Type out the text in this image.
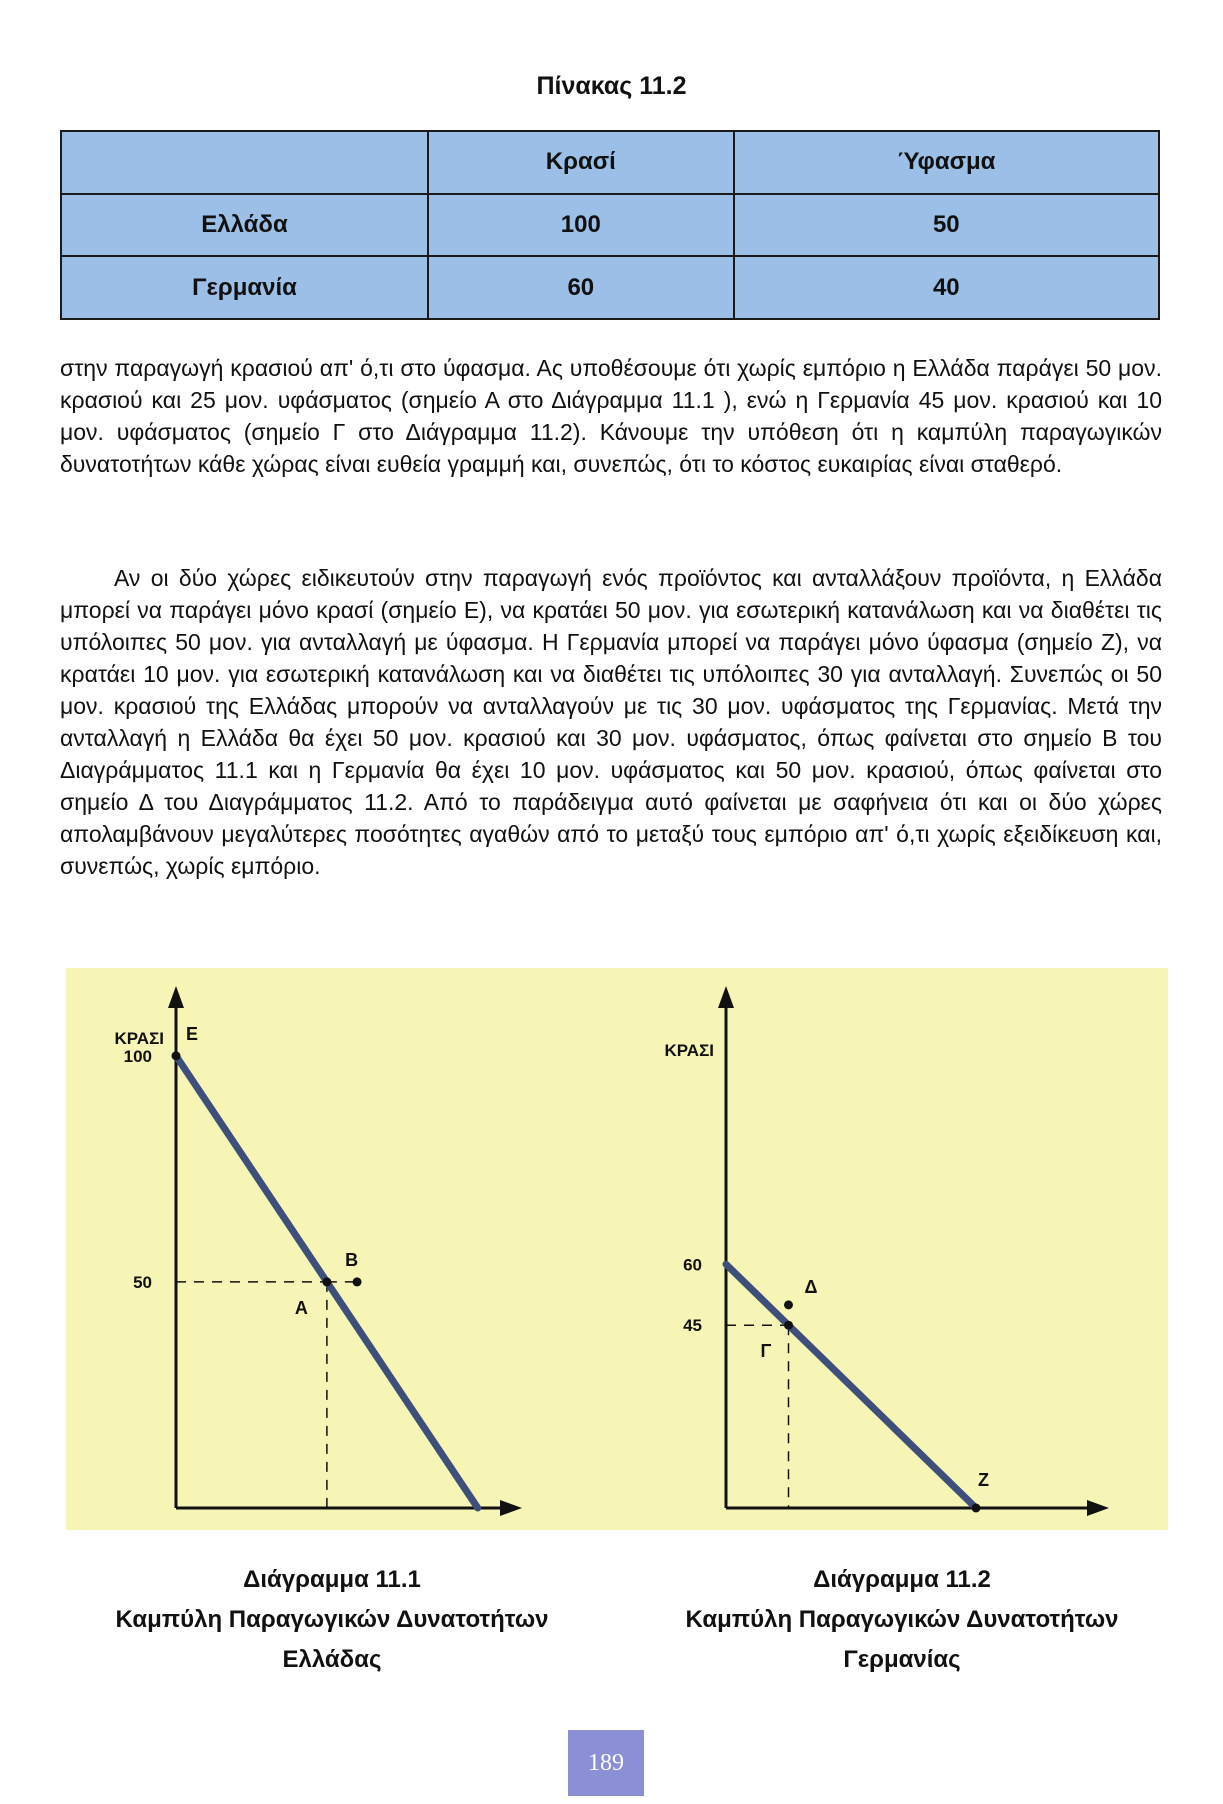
Πίνακας 11.2
	Κρασί	Ύφασμα
Ελλάδα	100	50
Γερμανία	60	40
στην παραγωγή κρασιού απ' ό,τι στο ύφασμα. Ας υποθέσουμε ότι χωρίς εμπόριο η Ελλάδα παράγει 50 μον. κρασιού και 25 μον. υφάσματος (σημείο Α στο Διάγραμμα 11.1 ), ενώ η Γερμανία 45 μον. κρασιού και 10 μον. υφάσματος (σημείο Γ στο Διάγραμμα 11.2). Κάνουμε την υπόθεση ότι η καμπύλη παραγωγικών δυνατοτήτων κάθε χώρας είναι ευθεία γραμμή και, συνεπώς, ότι το κόστος ευκαιρίας είναι σταθερό.
Αν οι δύο χώρες ειδικευτούν στην παραγωγή ενός προϊόντος και ανταλλάξουν προϊόντα, η Ελλάδα μπορεί να παράγει μόνο κρασί (σημείο Ε), να κρατάει 50 μον. για εσωτερική κατανάλωση και να διαθέτει τις υπόλοιπες 50 μον. για ανταλλαγή με ύφασμα. Η Γερμανία μπορεί να παράγει μόνο ύφασμα (σημείο Ζ), να κρατάει 10 μον. για εσωτερική κατανάλωση και να διαθέτει τις υπόλοιπες 30 για ανταλλαγή. Συνεπώς οι 50 μον. κρασιού της Ελλάδας μπορούν να ανταλλαγούν με τις 30 μον. υφάσματος της Γερμανίας. Μετά την ανταλλαγή η Ελλάδα θα έχει 50 μον. κρασιού και 30 μον. υφάσματος, όπως φαίνεται στο σημείο Β του Διαγράμματος 11.1 και η Γερμανία θα έχει 10 μον. υφάσματος και 50 μον. κρασιού, όπως φαίνεται στο σημείο Δ του Διαγράμματος 11.2. Από το παράδειγμα αυτό φαίνεται με σαφήνεια ότι και οι δύο χώρες απολαμβάνουν μεγαλύτερες ποσότητες αγαθών από το μεταξύ τους εμπόριο απ' ό,τι χωρίς εξειδίκευση και, συνεπώς, χωρίς εμπόριο.
ΚΡΑΣΙ
100
50
Ε
Α
Β
ΚΡΑΣΙ
60
45
Γ
Δ
Ζ
Διάγραμμα 11.1
Καμπύλη Παραγωγικών Δυνατοτήτων
Ελλάδας
Διάγραμμα 11.2
Καμπύλη Παραγωγικών Δυνατοτήτων
Γερμανίας
189
